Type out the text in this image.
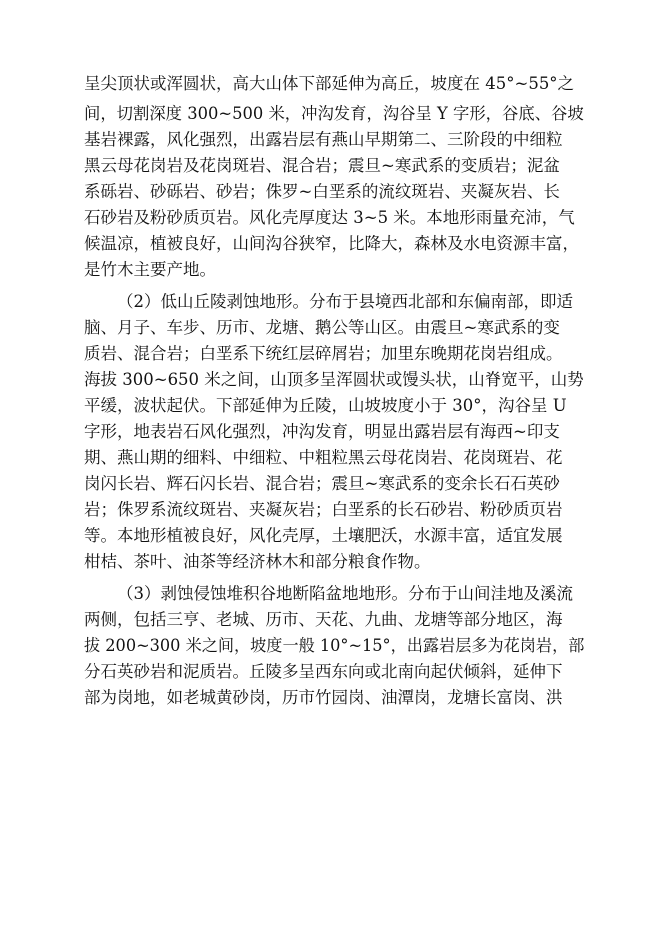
呈尖顶状或浑圆状，高大山体下部延伸为高丘，坡度在 45°~55°之
间，切割深度 300~500 米，冲沟发育，沟谷呈 Y 字形，谷底、谷坡
基岩裸露，风化强烈，出露岩层有燕山早期第二、三阶段的中细粒
黑云母花岗岩及花岗斑岩、混合岩；震旦~寒武系的变质岩；泥盆
系砾岩、砂砾岩、砂岩；侏罗~白垩系的流纹斑岩、夹凝灰岩、长
石砂岩及粉砂质页岩。风化壳厚度达 3~5 米。本地形雨量充沛，气
候温凉，植被良好，山间沟谷狭窄，比降大，森林及水电资源丰富，
是竹木主要产地。
（2）低山丘陵剥蚀地形。分布于县境西北部和东偏南部，即适
脑、月子、车步、历市、龙塘、鹅公等山区。由震旦~寒武系的变
质岩、混合岩；白垩系下统红层碎屑岩；加里东晚期花岗岩组成。
海拔 300~650 米之间，山顶多呈浑圆状或馒头状，山脊宽平，山势
平缓，波状起伏。下部延伸为丘陵，山坡坡度小于 30°，沟谷呈 U
字形，地表岩石风化强烈，冲沟发育，明显出露岩层有海西~印支
期、燕山期的细料、中细粒、中粗粒黑云母花岗岩、花岗斑岩、花
岗闪长岩、辉石闪长岩、混合岩；震旦~寒武系的变余长石石英砂
岩；侏罗系流纹斑岩、夹凝灰岩；白垩系的长石砂岩、粉砂质页岩
等。本地形植被良好，风化壳厚，土壤肥沃，水源丰富，适宜发展
柑桔、茶叶、油茶等经济林木和部分粮食作物。
（3）剥蚀侵蚀堆积谷地断陷盆地地形。分布于山间洼地及溪流
两侧，包括三亨、老城、历市、天花、九曲、龙塘等部分地区，海
拔 200~300 米之间，坡度一般 10°~15°，出露岩层多为花岗岩，部
分石英砂岩和泥质岩。丘陵多呈西东向或北南向起伏倾斜，延伸下
部为岗地，如老城黄砂岗，历市竹园岗、油潭岗，龙塘长富岗、洪
